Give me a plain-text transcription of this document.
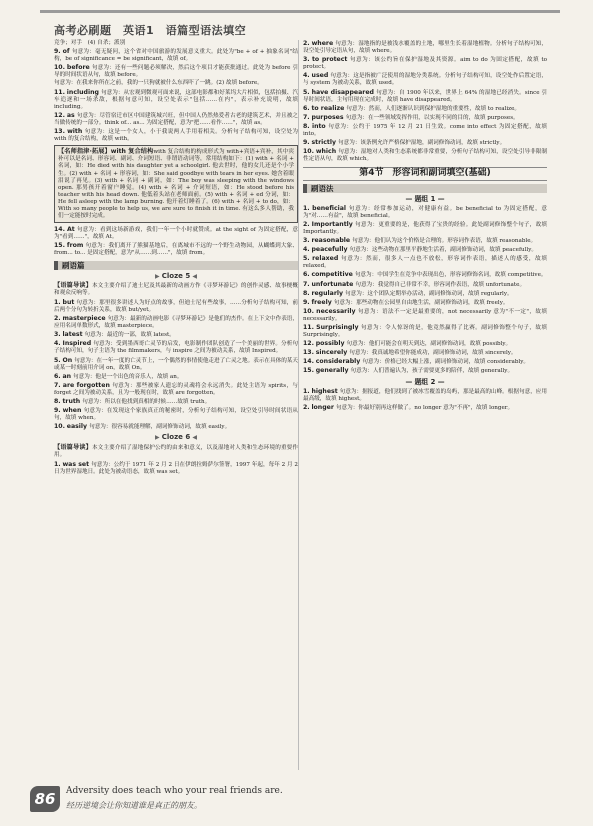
高考必刷题　英语1　语篇型语法填空
竞争；对手　(4) 自杀；派别
9. of 句意为：毫无疑问，这个省对中国旅游的发展意义重大。此处为"be + of + 抽象名词"结构，be of significance = be significant，故填 of。
10. before 句意为：还有一些问题必须解决，然后这个项目才能获批通过。此处为 before 引导的时间状语从句，故填 before。
句意为：在我来你所在之前，我的一只狗就被什么东西吓了一跳。(2) 故填 before。
11. including 句意为：从宏观到微观可面来说，这部电影都和好莱坞大片相似，包括拍摄、汽车追逐和一场杀敌，根据句意可知，设空处表示"包括……在内"，表示补充说明，故填 including。
12. as 句意为：尽管宿迁市区中国建筑城兴旺，但中国人仍然热爱者古老的建筑艺术，并且被之当做传统的一部分。think of... as... 为固定搭配，意为"把……看作……"，故填 as。
13. with 句意为：这是一个女人，小于我说两人手用着相关。分析句子结构可知，设空处为 with 的复合结构，故填 with。
【名师指津·拓展】with 复合结构with 复合结构的构成形式为 with+宾语+宾补，其中宾补可以是名词、形容词、副词、介词短语、非谓语动词等，常用结构如下：(1) with + 名词 + 名词，如：He died with his daughter yet a schoolgirl. 他去世时，他的女儿还是个小学生。(2) with + 名词 + 形容词，如：She said goodbye with tears in her eyes. 她含着眼泪说了再见。(3) with + 名词 + 副词，如：The boy was sleeping with the windows open. 那男孩开着窗户睡觉。(4) with + 名词 + 介词短语，如：He stood before his teacher with his head down. 他低着头站在老师面前。(5) with + 名词 + ed 分词，如：He fell asleep with the lamp burning. 他开着灯睡着了。(6) with + 名词 + to do，如：With so many people to help us, we are sure to finish it in time. 有这么多人帮助，我们一定能按时完成。
14. At 句意为：看到这场新游戏，我们一年一个小时就赞成。at the sight of 为固定搭配，意为"看到……"，故填 At。
15. from 句意为：我们离开了熊猫基地后，在离城市不远的一个野生动物园，从蝴蝶到大象、from... to... 是固定搭配，意为"从……到……"，故填 from。
刷语篇
▶ Cloze 5 ◀
【语篇导读】本文主要介绍了迪士尼及其最新的动画方作《寻梦环游记》的创作灵感、故事梗概和观众反响等。
1. but 句意为：那里很多讲述人为好点的故事，但迪士尼有些故事，……分析句子结构可知，前后两个分句为转折关系，故填 but/yet。
2. masterpiece 句意为：最新的动画电影《寻梦环游记》是他们的杰作。在上下文中作表语，应用名词单数形式，故填 masterpiece。
3. latest 句意为：最近的一部，故填 latest。
4. Inspired 句意为：受到墨西哥亡灵节的启发，电影制作团队创造了一个美丽的世界。分析句子结构可知，句子主语为 the filmmakers，与 inspire 之间为被动关系，故填 Inspired。
5. On 句意为：在一年一度的亡灵节上，一个偶然的事情使他走进了亡灵之地。表示在具体的某天或某一时刻前用介词 on，故填 On。
6. an 句意为：他是一个出色的音乐人，故填 an。
7. are forgotten 句意为：那些被家人遗忘的灵魂将会永远消失。此处主语为 spirits，与 forget 之间为被动关系，且为一般现在时，故填 are forgotten。
8. truth 句意为：所以在他找到真相的时候……故填 truth。
9. when 句意为：在发现这个家族真正的秘密时，分析句子结构可知，设空处引导时间状语从句，故填 when。
10. easily 句意为：很容易就能理解，副词修饰动词，故填 easily。
▶ Cloze 6 ◀
【语篇导读】本文主要介绍了湿地保护公约的由来和意义，以及湿地对人类和生态环境的重要作用。
1. was set 句意为：公约于 1971 年 2 月 2 日在伊朗拉姆萨尔签署，1997 年起，每年 2 月 2 日为世界湿地日。此处为被动语态，故填 was set。
2. where 句意为：湿地指的是被浅水覆盖的土地，哪里生长着湿地植物。分析句子结构可知，设空处引导定语从句，故填 where。
3. to protect 句意为：该公约旨在保护湿地及其资源。aim to do 为固定搭配，故填 to protect。
4. used 句意为：这是指被广泛使用的湿地分类系统。分析句子结构可知，设空处作后置定语，与 system 为被动关系，故填 used。
5. have disappeared 句意为：自 1900 年以来，世界上 64% 的湿地已经消失。since 引导时间状语，主句用现在完成时，故填 have disappeared。
6. to realize 句意为：然而，人们逐渐认识到保护湿地的重要性，故填 to realize。
7. purposes 句意为：在一些领域发挥作用，以实现不同的目的，故填 purposes。
8. into 句意为：公约于 1975 年 12 月 21 日生效。come into effect 为固定搭配，故填 into。
9. strictly 句意为：该条例允许严格保护湿地，副词修饰动词，故填 strictly。
10. which 句意为：湿地对人类和生态系统都非常重要，分析句子结构可知，设空处引导非限制性定语从句，故填 which。
第4节　形容词和副词填空(基础)
刷语法
— 题组 1 —
1. beneficial 句意为：经常参加运动，对健康有益。be beneficial to 为固定搭配，意为"对……有益"，故填 beneficial。
2. Importantly 句意为：更重要的是，他获得了宝贵的经验。此处副词修饰整个句子，故填 Importantly。
3. reasonable 句意为：他们认为这个价格是合理的。形容词作表语，故填 reasonable。
4. peacefully 句意为：这些动物在那里平静地生活着，副词修饰动词，故填 peacefully。
5. relaxed 句意为：然而，很多人一点也不放松，形容词作表语，描述人的感受，故填 relaxed。
6. competitive 句意为：中国学生在竞争中表现出色，形容词修饰名词，故填 competitive。
7. unfortunate 句意为：我觉得自己非常不幸，形容词作表语，故填 unfortunate。
8. regularly 句意为：这个团队定期举办活动，副词修饰动词，故填 regularly。
9. freely 句意为：那些动物在公园里自由地生活，副词修饰动词，故填 freely。
10. necessarily 句意为：语法不一定是最重要的，not necessarily 意为"不一定"，故填 necessarily。
11. Surprisingly 句意为：令人惊讶的是，他竟然赢得了比赛。副词修饰整个句子，故填 Surprisingly。
12. possibly 句意为：他们可能会在明天到达，副词修饰动词，故填 possibly。
13. sincerely 句意为：我真诚地希望你能成功，副词修饰动词，故填 sincerely。
14. considerably 句意为：价格已经大幅上涨，副词修饰动词，故填 considerably。
15. generally 句意为：人们普遍认为，孩子需要更多的陪伴，故填 generally。
— 题组 2 —
1. highest 句意为：据报道，他们找到了被冰雪覆盖的岛屿，那是最高的山峰。根据句意，应用最高级，故填 highest。
2. longer 句意为：你最好别再这样做了。no longer 意为"不再"，故填 longer。
86	Adversity does teach who your real friends are.
经历逆境会让你知道谁是真正的朋友。
